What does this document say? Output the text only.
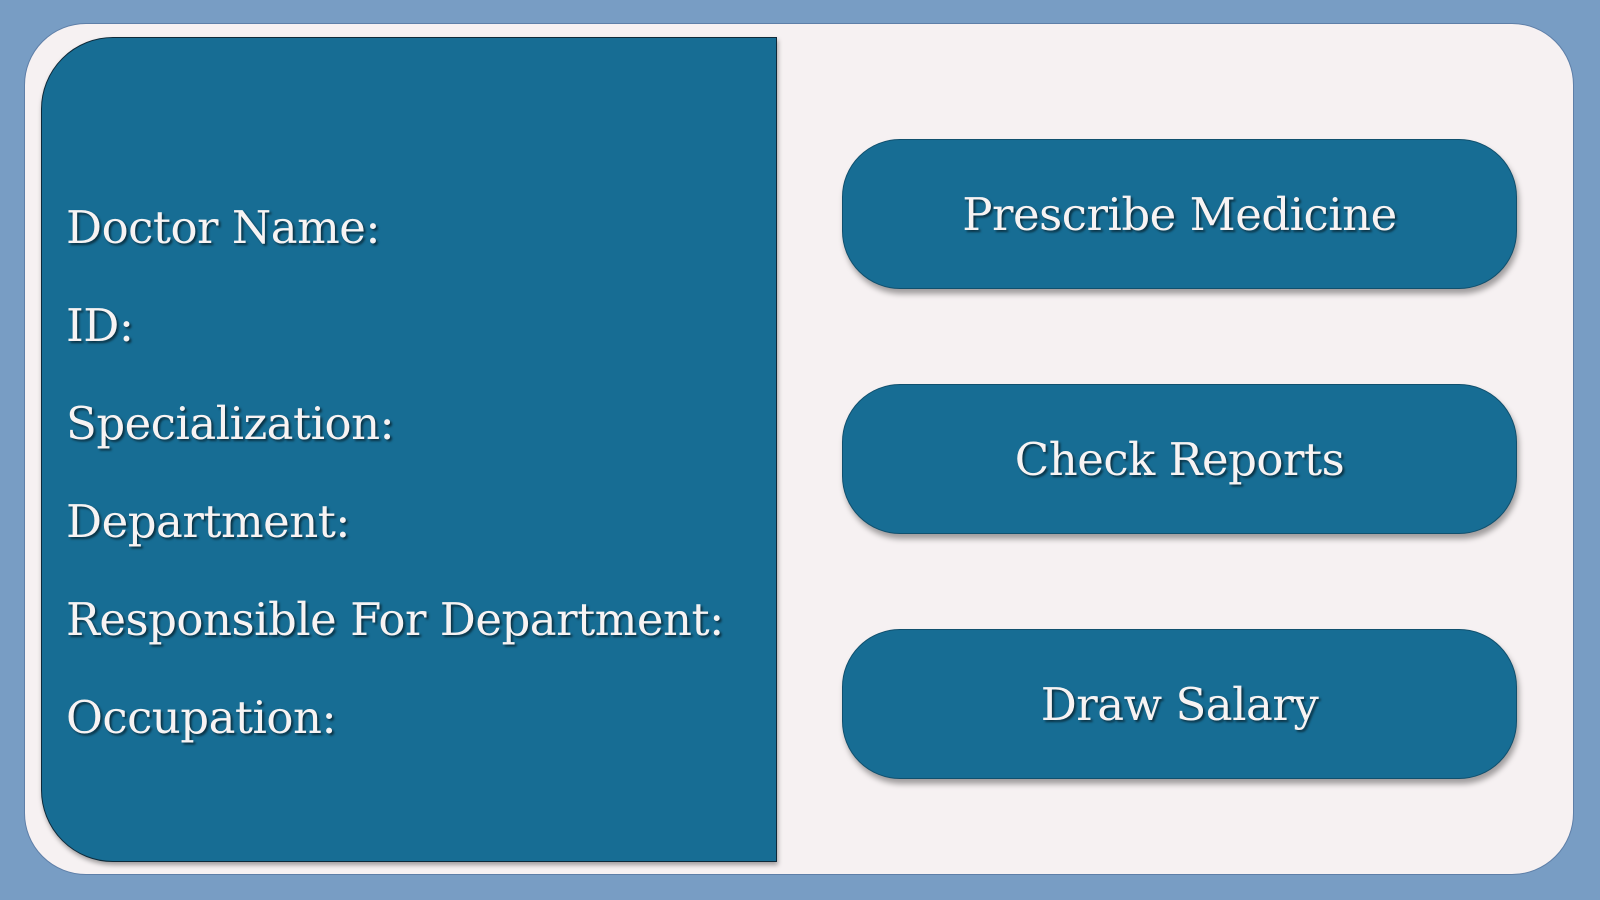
Doctor Name:

ID:

Specialization:

Department:

Responsible For Department:

Occupation:

Prescribe Medicine
Check Reports
Draw Salary
